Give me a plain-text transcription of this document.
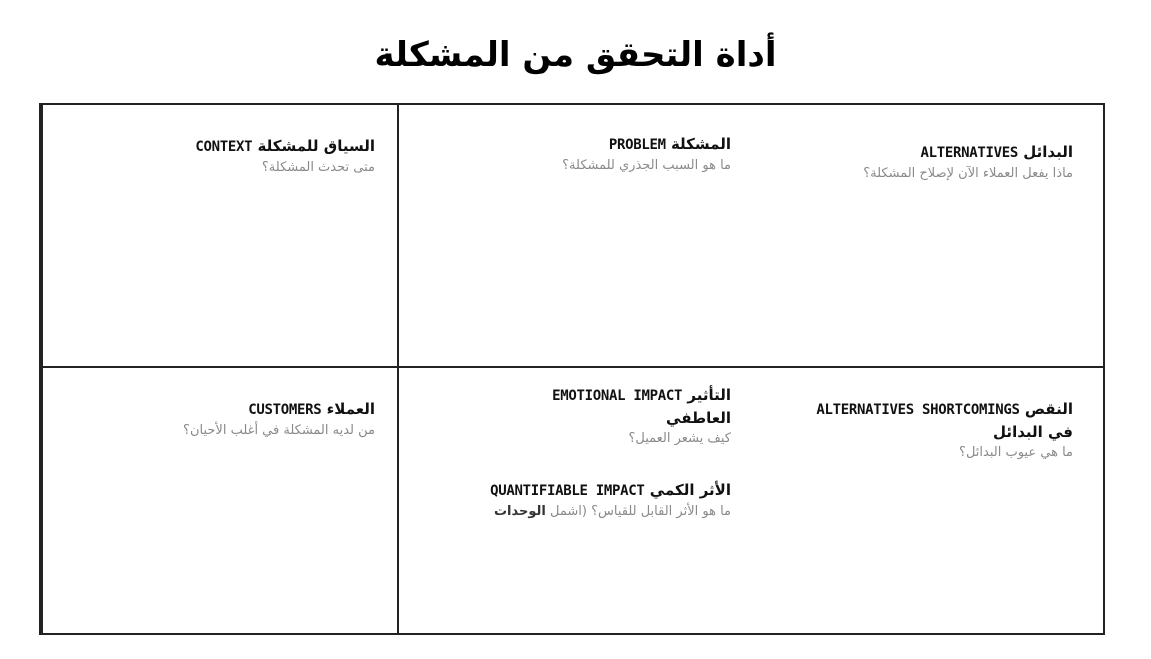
أداة التحقق من المشكلة
السياق للمشكلة CONTEXT
متى تحدث المشكلة؟
المشكلة PROBLEM
ما هو السبب الجذري للمشكلة؟
البدائل ALTERNATIVES
ماذا يفعل العملاء الآن لإصلاح المشكلة؟
العملاء CUSTOMERS
من لديه المشكلة في أغلب الأحيان؟
التأثير EMOTIONAL IMPACT
العاطفي
كيف يشعر العميل؟
الأثر الكمي QUANTIFIABLE IMPACT
ما هو الأثر القابل للقياس؟ (اشمل الوحدات
النقص ALTERNATIVES SHORTCOMINGS
في البدائل
ما هي عيوب البدائل؟
